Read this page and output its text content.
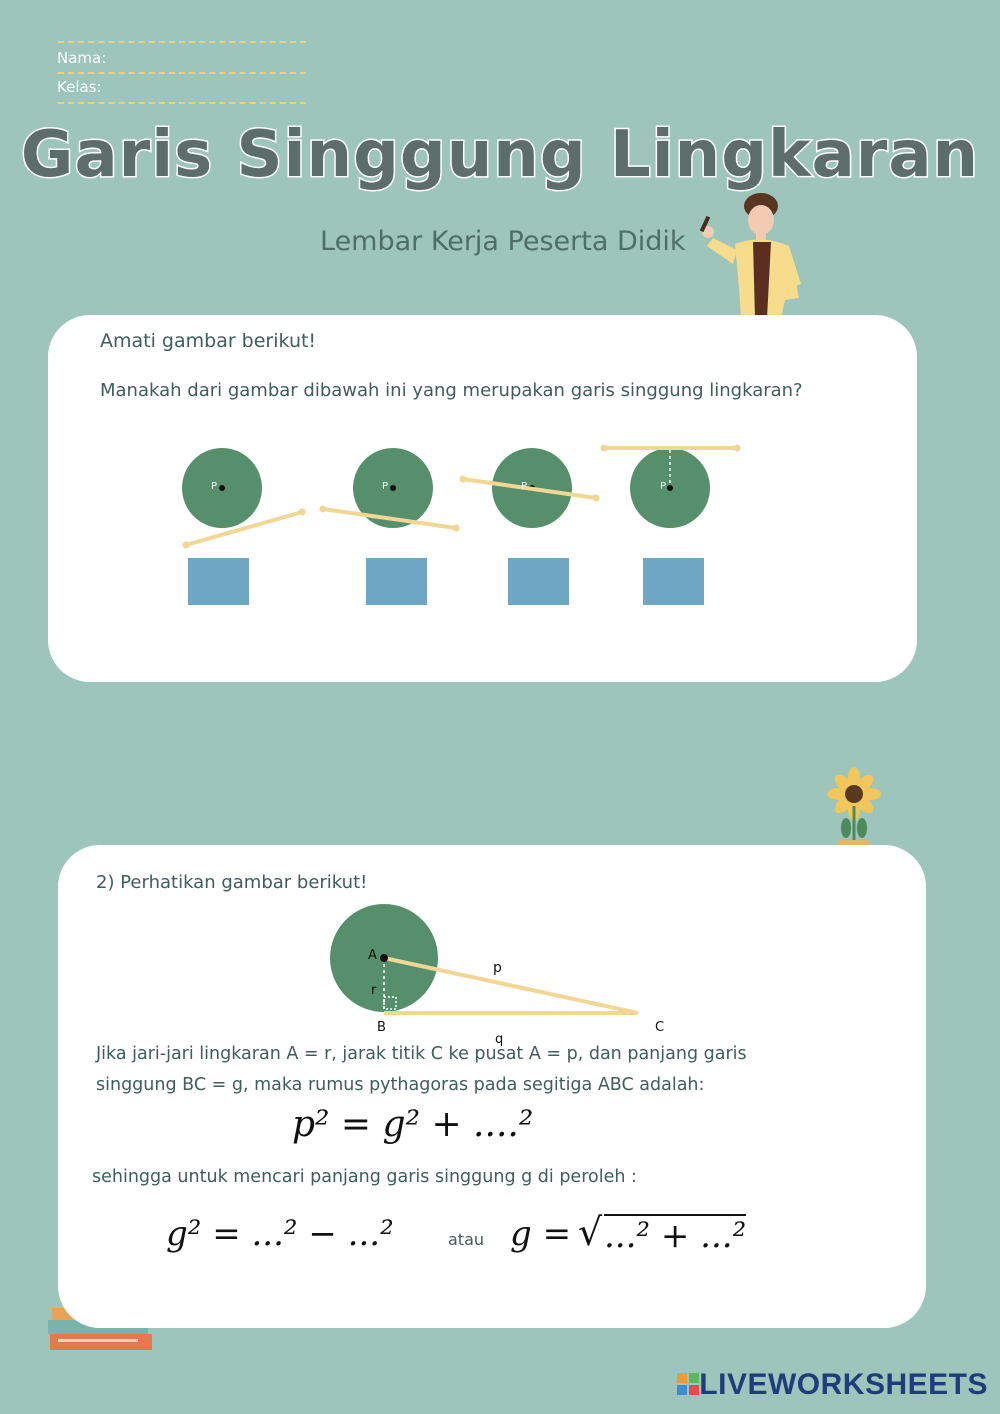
Nama:
Kelas:
Garis Singgung Lingkaran
Lembar Kerja Peserta Didik
Amati gambar berikut!
Manakah dari gambar dibawah ini yang merupakan garis singgung lingkaran?
P	P	P	P
2) Perhatikan gambar berikut!
A
r
B	C
p
q
Jika jari-jari lingkaran A = r, jarak titik C ke pusat A = p, dan panjang garis
singgung BC = g, maka rumus pythagoras pada segitiga ABC adalah:
p² = g² + ....²
sehingga untuk mencari panjang garis singgung g di peroleh :
g² = ...² − ...²	atau g = √ ...² + ...²
LIVEWORKSHEETS
